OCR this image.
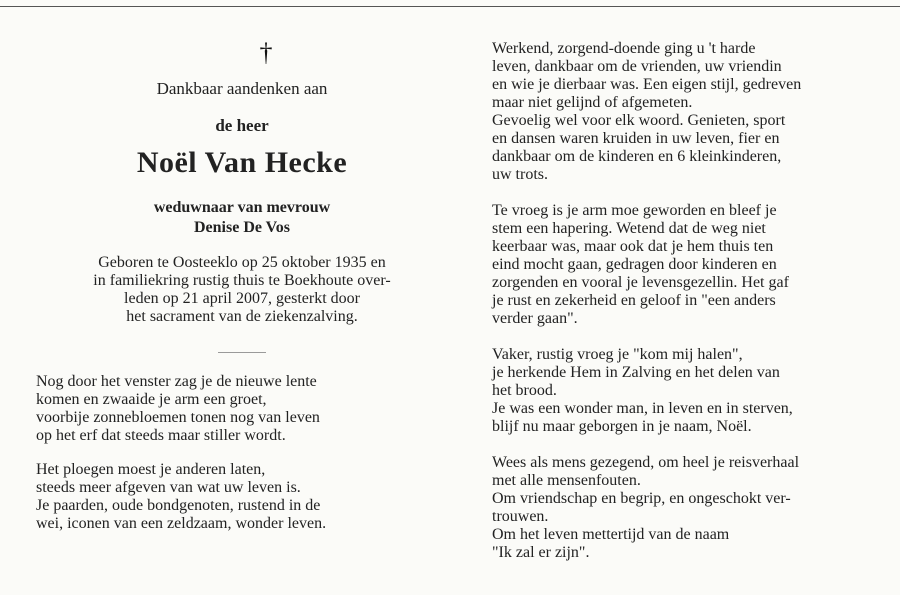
†
Dankbaar aandenken aan
de heer
Noël Van Hecke
weduwnaar van mevrouw
Denise De Vos
Geboren te Oosteeklo op 25 oktober 1935 en
in familiekring rustig thuis te Boekhoute over-
leden op 21 april 2007, gesterkt door
het sacrament van de ziekenzalving.
Nog door het venster zag je de nieuwe lente
komen en zwaaide je arm een groet,
voorbije zonnebloemen tonen nog van leven
op het erf dat steeds maar stiller wordt.
Het ploegen moest je anderen laten,
steeds meer afgeven van wat uw leven is.
Je paarden, oude bondgenoten, rustend in de
wei, iconen van een zeldzaam, wonder leven.
Werkend, zorgend-doende ging u 't harde
leven, dankbaar om de vrienden, uw vriendin
en wie je dierbaar was. Een eigen stijl, gedreven
maar niet gelijnd of afgemeten.
Gevoelig wel voor elk woord. Genieten, sport
en dansen waren kruiden in uw leven, fier en
dankbaar om de kinderen en 6 kleinkinderen,
uw trots.
Te vroeg is je arm moe geworden en bleef je
stem een hapering. Wetend dat de weg niet
keerbaar was, maar ook dat je hem thuis ten
eind mocht gaan, gedragen door kinderen en
zorgenden en vooral je levensgezellin. Het gaf
je rust en zekerheid en geloof in "een anders
verder gaan".
Vaker, rustig vroeg je "kom mij halen",
je herkende Hem in Zalving en het delen van
het brood.
Je was een wonder man, in leven en in sterven,
blijf nu maar geborgen in je naam, Noël.
Wees als mens gezegend, om heel je reisverhaal
met alle mensenfouten.
Om vriendschap en begrip, en ongeschokt ver-
trouwen.
Om het leven mettertijd van de naam
"Ik zal er zijn".
